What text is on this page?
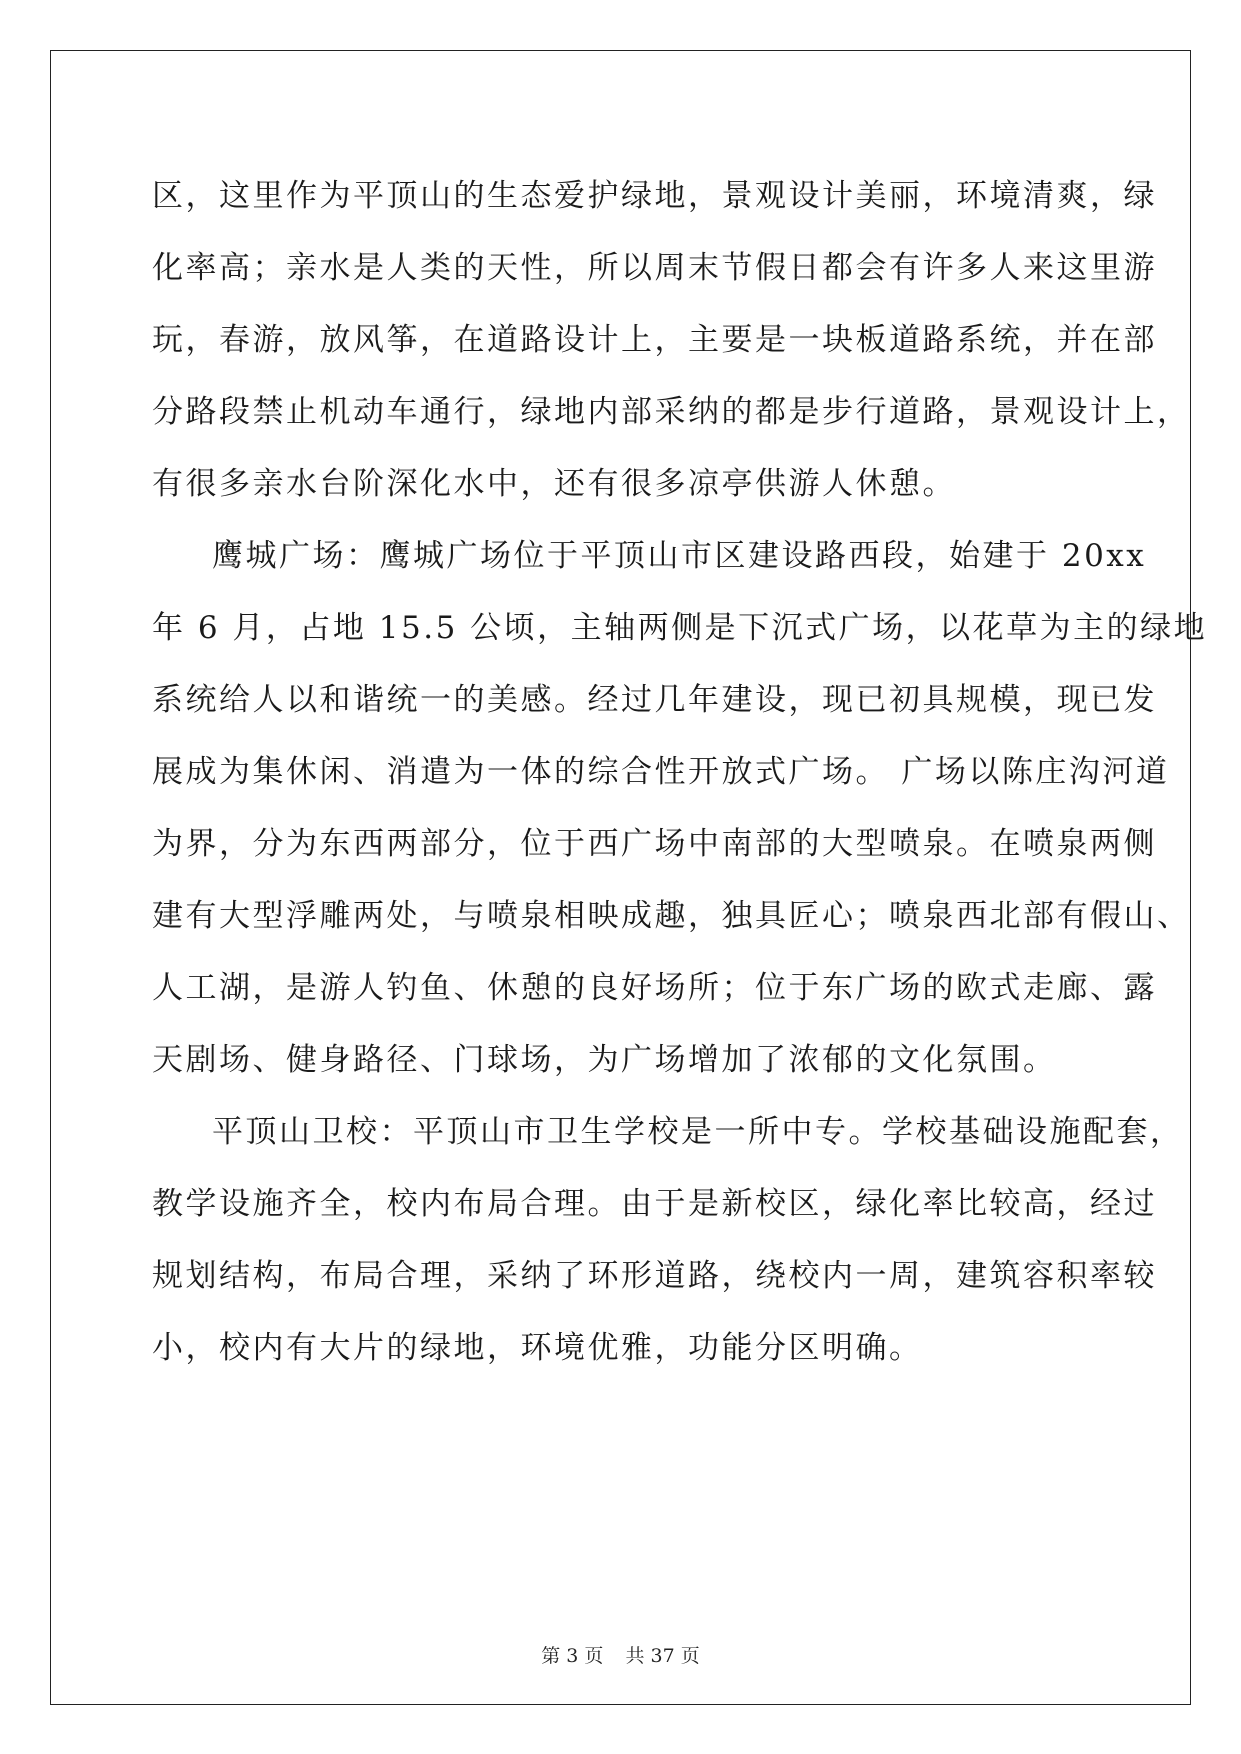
区，这里作为平顶山的生态爱护绿地，景观设计美丽，环境清爽，绿
化率高；亲水是人类的天性，所以周末节假日都会有许多人来这里游
玩，春游，放风筝，在道路设计上，主要是一块板道路系统，并在部
分路段禁止机动车通行，绿地内部采纳的都是步行道路，景观设计上，
有很多亲水台阶深化水中，还有很多凉亭供游人休憩。
鹰城广场：鹰城广场位于平顶山市区建设路西段，始建于 20xx
年 6 月，占地 15.5 公顷，主轴两侧是下沉式广场，以花草为主的绿地
系统给人以和谐统一的美感。经过几年建设，现已初具规模，现已发
展成为集休闲、消遣为一体的综合性开放式广场。 广场以陈庄沟河道
为界，分为东西两部分，位于西广场中南部的大型喷泉。在喷泉两侧
建有大型浮雕两处，与喷泉相映成趣，独具匠心；喷泉西北部有假山、
人工湖，是游人钓鱼、休憩的良好场所；位于东广场的欧式走廊、露
天剧场、健身路径、门球场，为广场增加了浓郁的文化氛围。
平顶山卫校：平顶山市卫生学校是一所中专。学校基础设施配套，
教学设施齐全，校内布局合理。由于是新校区，绿化率比较高，经过
规划结构，布局合理，采纳了环形道路，绕校内一周，建筑容积率较
小，校内有大片的绿地，环境优雅，功能分区明确。
第 3 页 共 37 页
